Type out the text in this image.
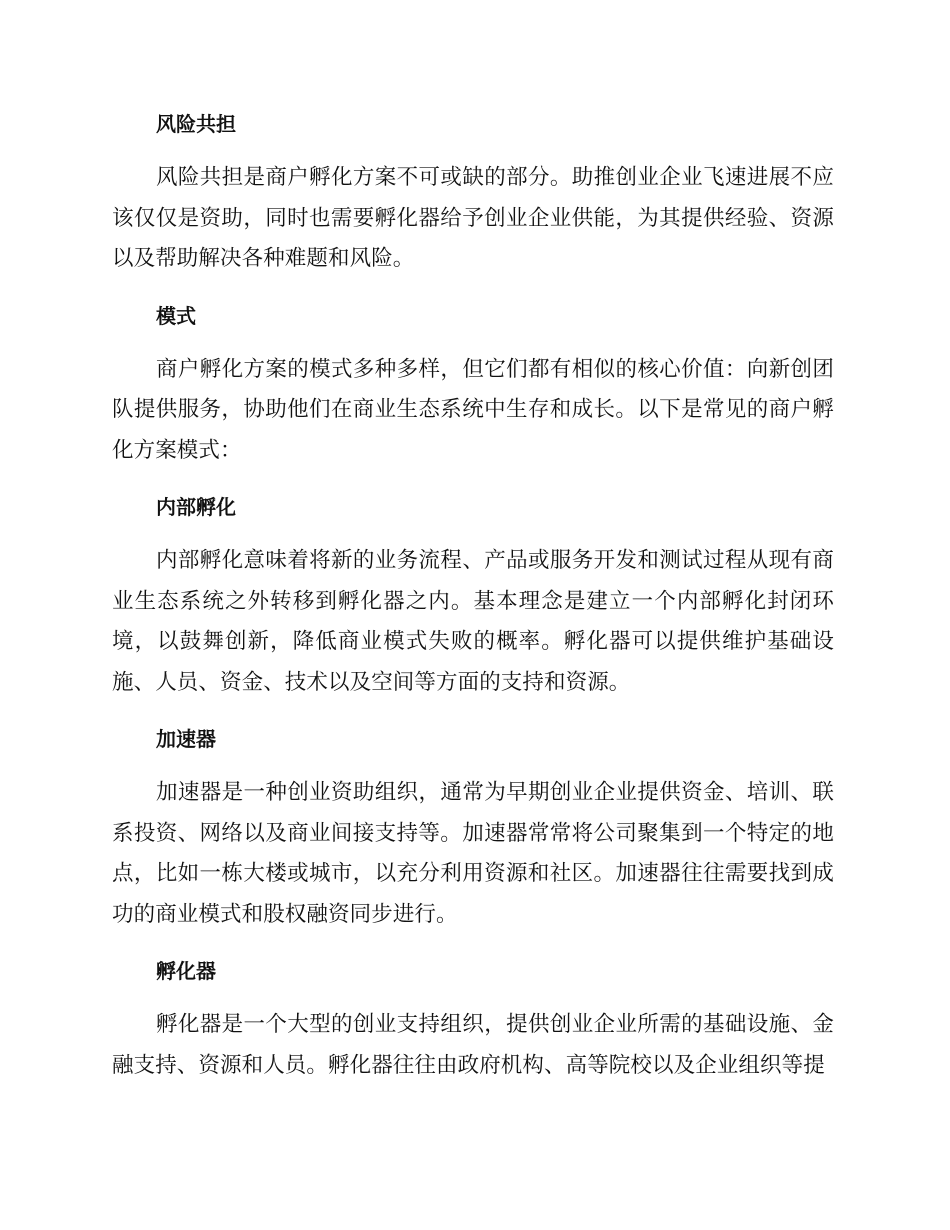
风险共担

风险共担是商户孵化方案不可或缺的部分。助推创业企业飞速进展不应该仅仅是资助，同时也需要孵化器给予创业企业供能，为其提供经验、资源以及帮助解决各种难题和风险。

模式

商户孵化方案的模式多种多样，但它们都有相似的核心价值：向新创团队提供服务，协助他们在商业生态系统中生存和成长。以下是常见的商户孵化方案模式：

内部孵化

内部孵化意味着将新的业务流程、产品或服务开发和测试过程从现有商业生态系统之外转移到孵化器之内。基本理念是建立一个内部孵化封闭环境，以鼓舞创新，降低商业模式失败的概率。孵化器可以提供维护基础设施、人员、资金、技术以及空间等方面的支持和资源。

加速器

加速器是一种创业资助组织，通常为早期创业企业提供资金、培训、联系投资、网络以及商业间接支持等。加速器常常将公司聚集到一个特定的地点，比如一栋大楼或城市，以充分利用资源和社区。加速器往往需要找到成功的商业模式和股权融资同步进行。

孵化器

孵化器是一个大型的创业支持组织，提供创业企业所需的基础设施、金融支持、资源和人员。孵化器往往由政府机构、高等院校以及企业组织等提
